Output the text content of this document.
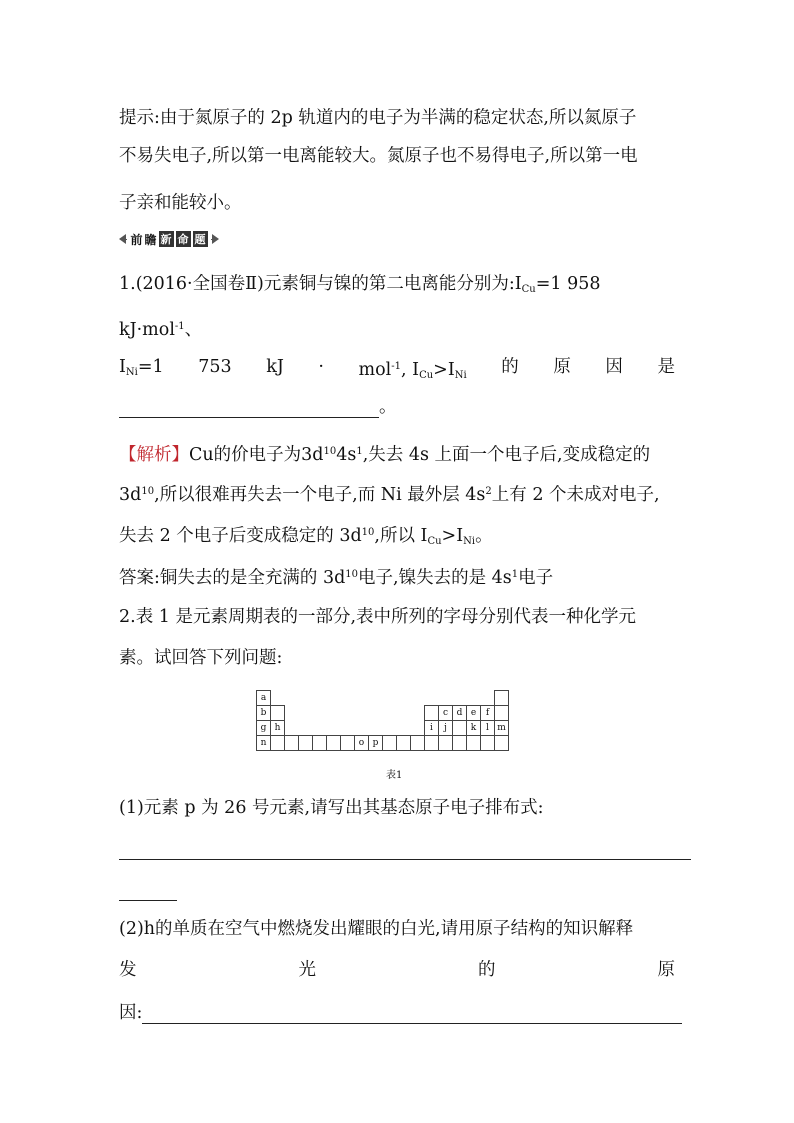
提示:由于氮原子的 2p 轨道内的电子为半满的稳定状态,所以氮原子
不易失电子,所以第一电离能较大。氮原子也不易得电子,所以第一电
子亲和能较小。
前 瞻 新 命 题
1.(2016·全国卷Ⅱ)元素铜与镍的第二电离能分别为$:I_{Cu}=1$ 958
kJ·mol$^{-1}$、
$I_{Ni}=1$ 753 kJ · mol$^{-1}$, $I_{Cu}>I_{Ni}$ 的 原 因 是
。
【解析】Cu的价电子为$3d^{10}4s^1$,失去 4s 上面一个电子后,变成稳定的
$3d^{10}$,所以很难再失去一个电子,而 Ni 最外层 $4s^2$上有 2 个未成对电子,
失去 2 个电子后变成稳定的 $3d^{10}$,所以 $I_{Cu}>I_{Ni}$。
答案:铜失去的是全充满的 $3d^{10}$电子,镍失去的是 $4s^1$电子
2.表 1 是元素周期表的一部分,表中所列的字母分别代表一种化学元
素。试回答下列问题:
a																	
b													c	d	e	f	
g	h											i	j		k	l	m
n							o	p									
表1
(1)元素 p 为 26 号元素,请写出其基态原子电子排布式:
(2)h的单质在空气中燃烧发出耀眼的白光,请用原子结构的知识解释
发	光	的	原
因:
